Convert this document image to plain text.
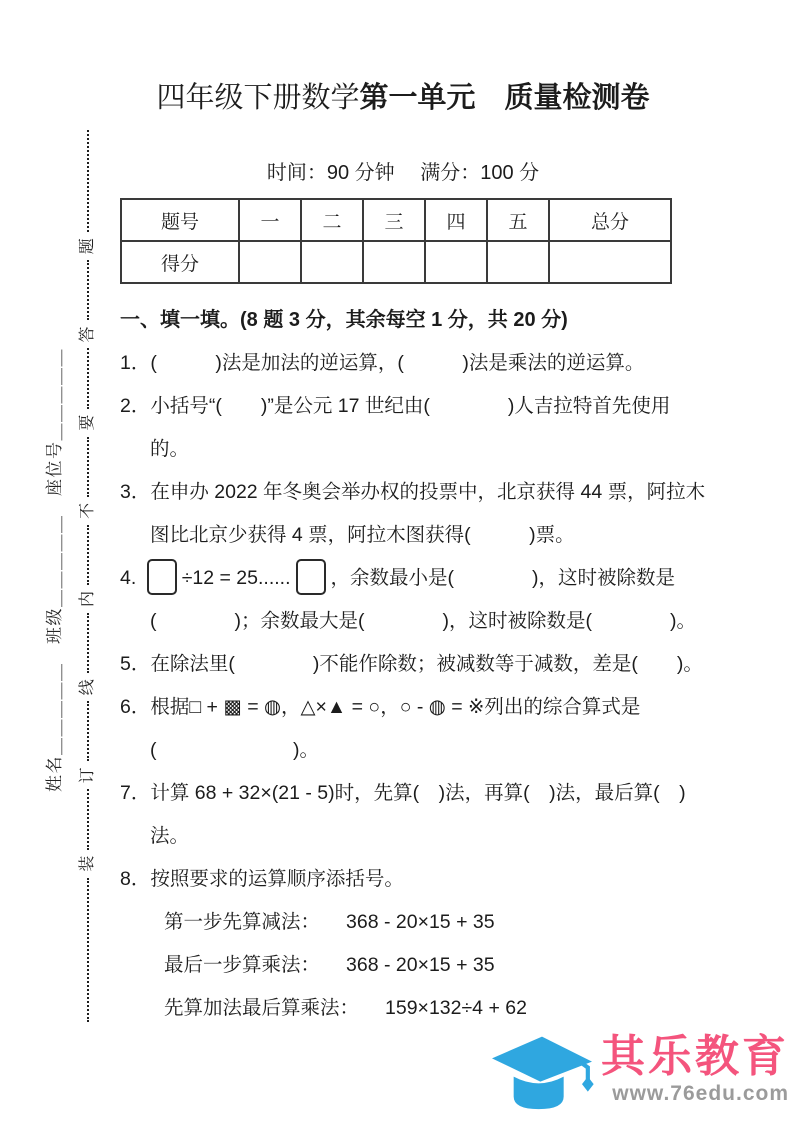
姓名＿＿＿＿＿　班级＿＿＿＿＿　座位号＿＿＿＿＿
装
订
线
内
不
要
答
题
四年级下册数学第一单元　质量检测卷
时间：90 分钟　 满分：100 分
题号	一	二	三	四	五	总分
得分						
一、填一填。(8 题 3 分，其余每空 1 分，共 20 分)
1．(　　　)法是加法的逆运算，(　　　)法是乘法的逆运算。
2．小括号“(　　)”是公元 17 世纪由(　　　　)人吉拉特首先使用
的。
3．在申办 2022 年冬奥会举办权的投票中，北京获得 44 票，阿拉木
图比北京少获得 4 票，阿拉木图获得(　　　)票。
4. ÷12 = 25...... ，余数最小是(　　　　)，这时被除数是
(　　　　)；余数最大是(　　　　)，这时被除数是(　　　　)。
5．在除法里(　　　　)不能作除数；被减数等于减数，差是(　　)。
6．根据□ + ▩ = ◍，△×▲ = ○，○ - ◍ = ※列出的综合算式是
(　　　　　　　)。
7．计算 68 + 32×(21 - 5)时，先算(　)法，再算(　)法，最后算(　)
法。
8．按照要求的运算顺序添括号。
第一步先算减法： 368 - 20×15 + 35
最后一步算乘法： 368 - 20×15 + 35
先算加法最后算乘法： 159×132÷4 + 62
其乐教育
www.76edu.com
